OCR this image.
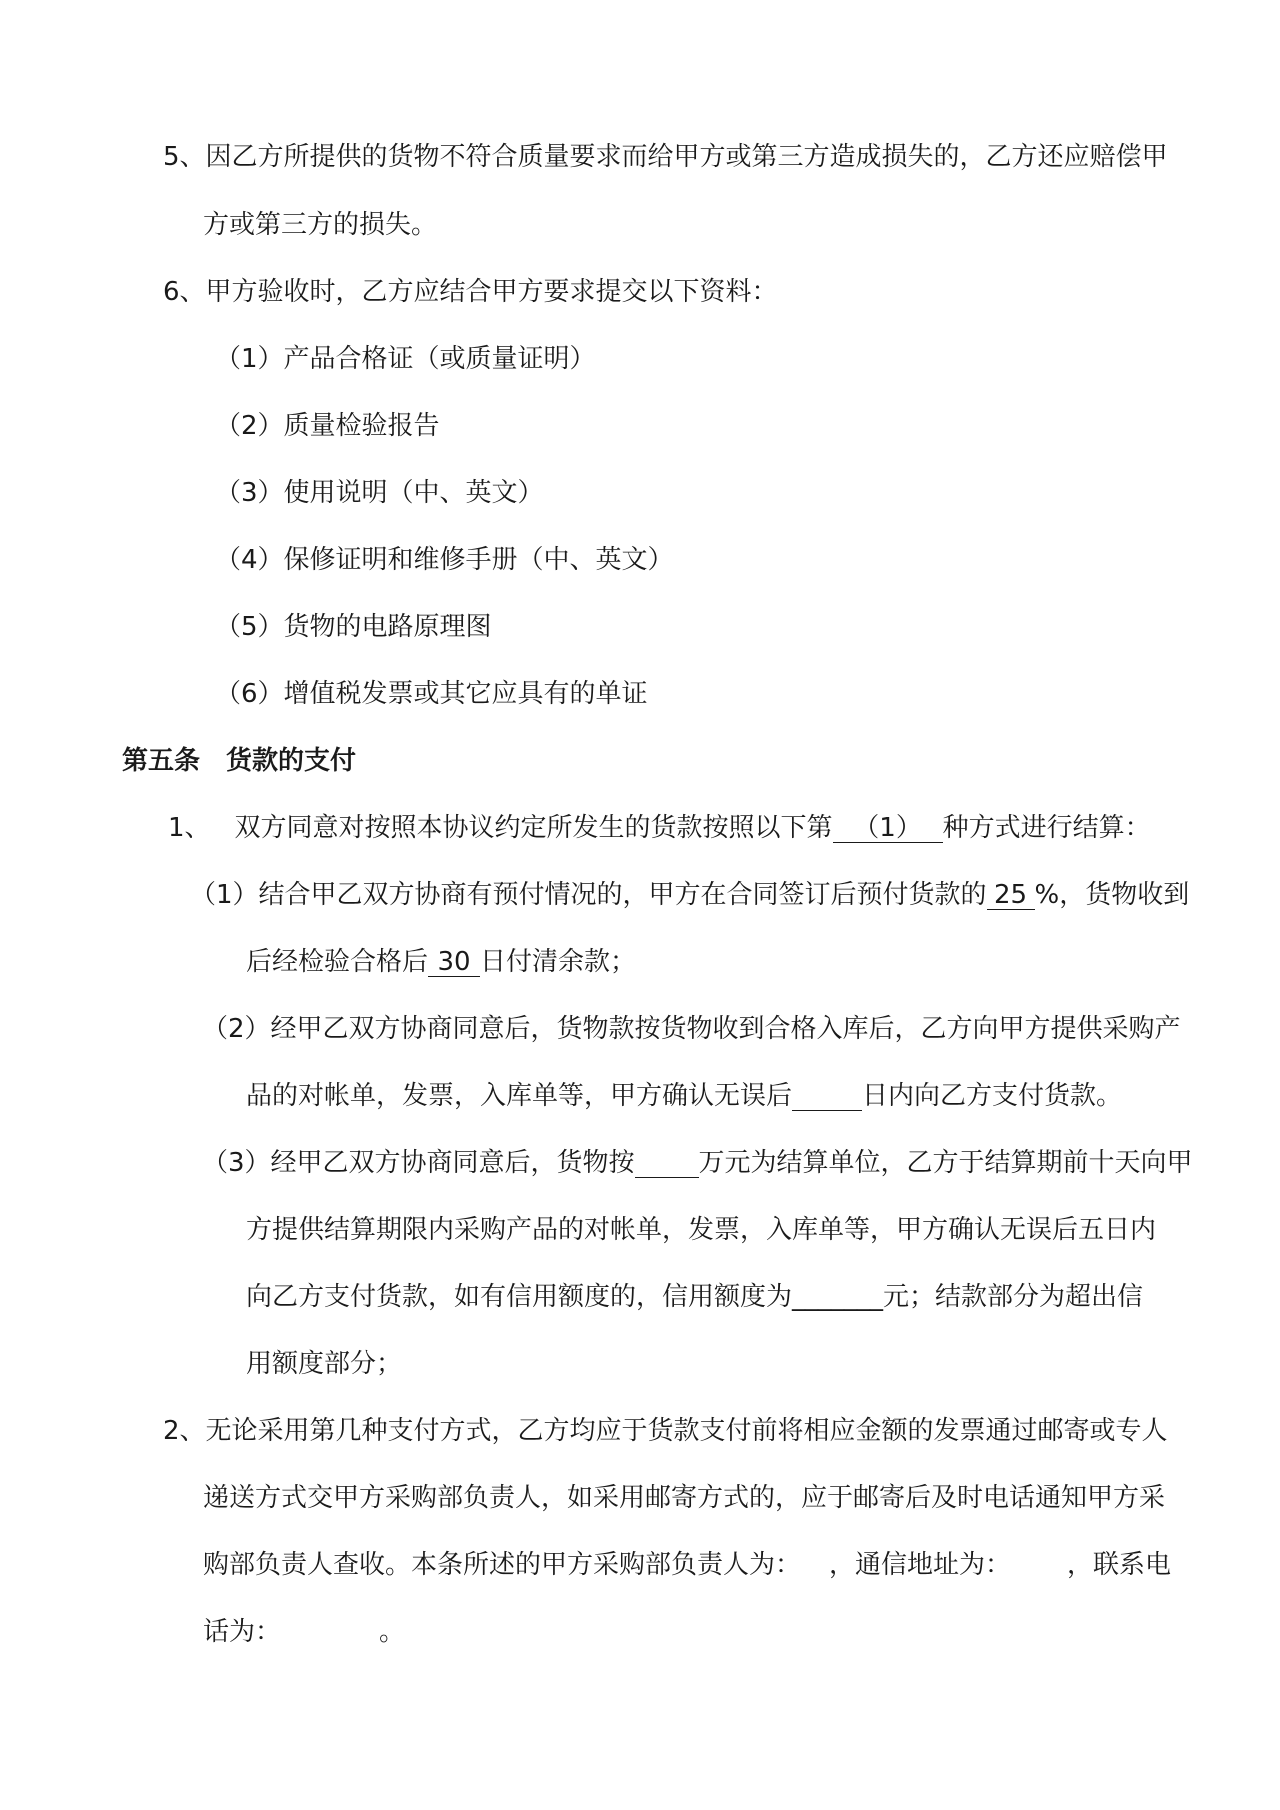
5、因乙方所提供的货物不符合质量要求而给甲方或第三方造成损失的，乙方还应赔偿甲
方或第三方的损失。
6、甲方验收时，乙方应结合甲方要求提交以下资料：
（1）产品合格证（或质量证明）
（2）质量检验报告
（3）使用说明（中、英文）
（4）保修证明和维修手册（中、英文）
（5）货物的电路原理图
（6）增值税发票或其它应具有的单证
第五条　货款的支付
1、 双方同意对按照本协议约定所发生的货款按照以下第 （1） 种方式进行结算：
（1）结合甲乙双方协商有预付情况的，甲方在合同签订后预付货款的 25 %，货物收到
后经检验合格后 30 日付清余款；
（2）经甲乙双方协商同意后，货物款按货物收到合格入库后，乙方向甲方提供采购产
品的对帐单，发票，入库单等，甲方确认无误后	日内向乙方支付货款。
（3）经甲乙双方协商同意后，货物按 万元为结算单位，乙方于结算期前十天向甲
方提供结算期限内采购产品的对帐单，发票，入库单等，甲方确认无误后五日内
向乙方支付货款，如有信用额度的，信用额度为_______元；结款部分为超出信
用额度部分；
2、无论采用第几种支付方式，乙方均应于货款支付前将相应金额的发票通过邮寄或专人
递送方式交甲方采购部负责人，如采用邮寄方式的，应于邮寄后及时电话通知甲方采
购部负责人查收。本条所述的甲方采购部负责人为： ，通信地址为： ，联系电
话为：	。
